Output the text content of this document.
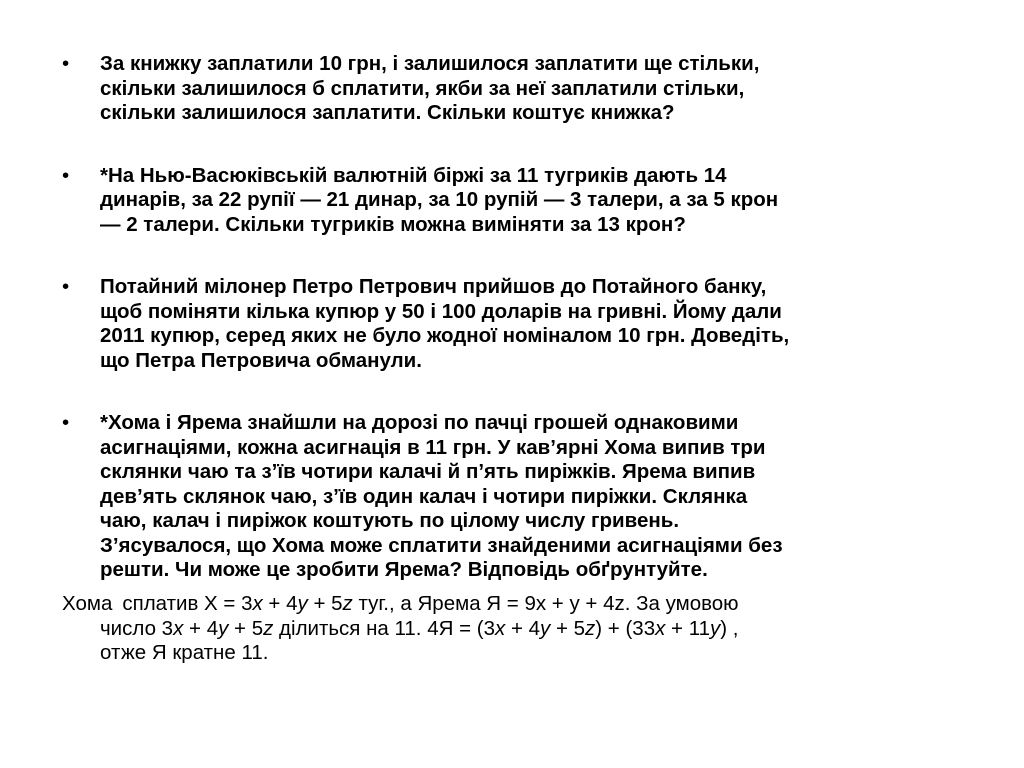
• За книжку заплатили 10 грн, і залишилося заплатити ще стільки,
скільки залишилося б сплатити, якби за неї заплатили стільки,
скільки залишилося заплатити. Скільки коштує книжка?
• *На Нью-Васюківській валютній біржі за 11 тугриків дають 14
динарів, за 22 рупії — 21 динар, за 10 рупій — 3 талери, а за 5 крон
— 2 талери. Скільки тугриків можна виміняти за 13 крон?
• Потайний мілонер Петро Петрович прийшов до Потайного банку,
щоб поміняти кілька купюр у 50 і 100 доларів на гривні. Йому дали
2011 купюр, серед яких не було жодної номіналом 10 грн. Доведіть,
що Петра Петровича обманули.
• *Хома і Ярема знайшли на дорозі по пачці грошей однаковими
асигнаціями, кожна асигнація в 11 грн. У кав’ярні Хома випив три
склянки чаю та з’їв чотири калачі й п’ять пиріжків. Ярема випив
дев’ять склянок чаю, з’їв один калач і чотири пиріжки. Склянка
чаю, калач і пиріжок коштують по цілому числу гривень.
З’ясувалося, що Хома може сплатити знайденими асигнаціями без
решти. Чи може це зробити Ярема? Відповідь обґрунтуйте.
Хома сплатив Х = 3x + 4y + 5z туг., а Ярема Я = 9x + y + 4z. За умовою
число 3x + 4y + 5z ділиться на 11. 4Я = (3x + 4y + 5z) + (33x + 11y) ,
отже Я кратне 11.
